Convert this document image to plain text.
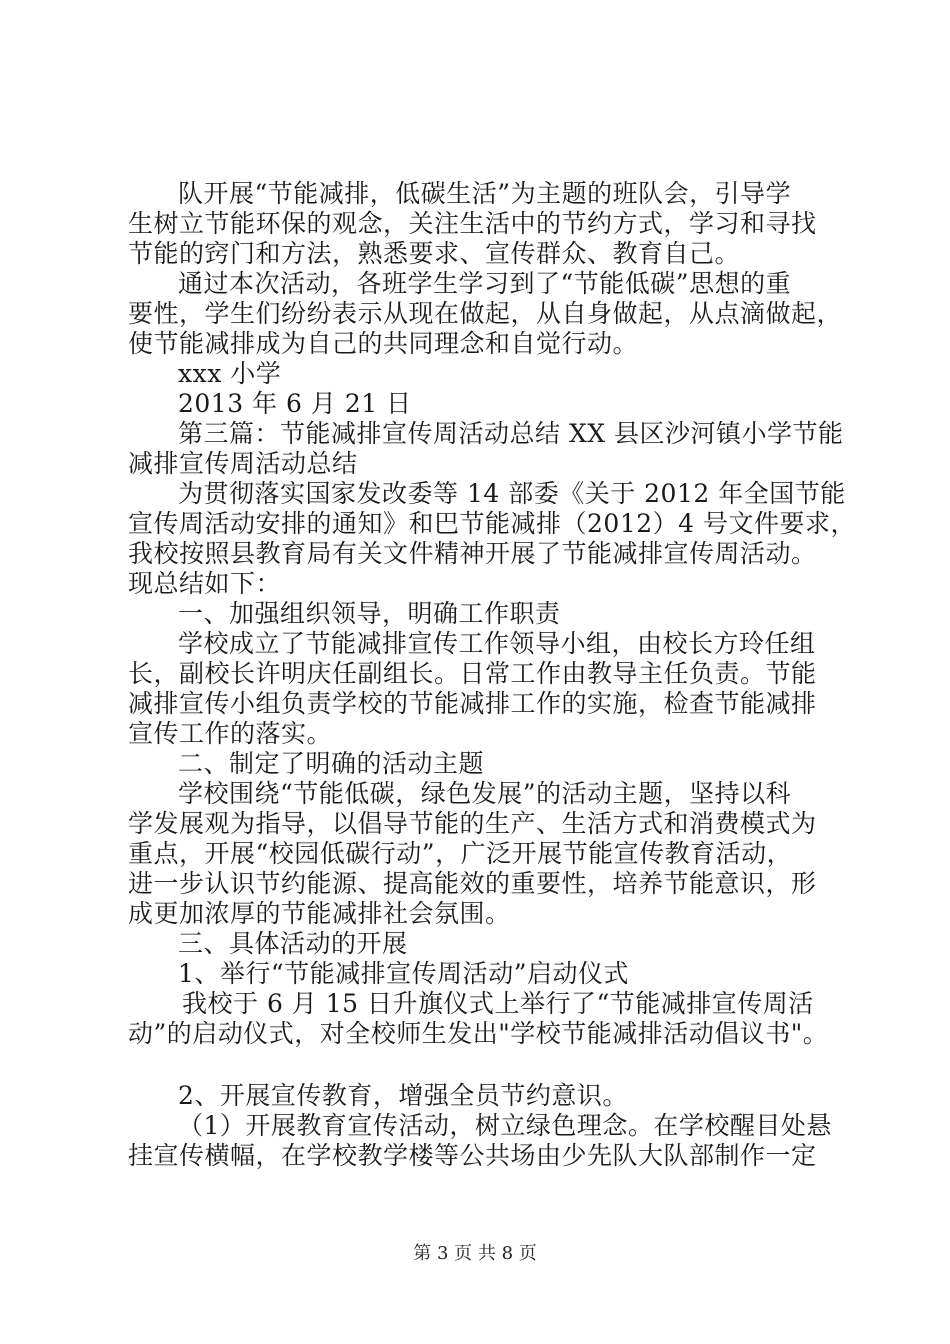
队开展“节能减排，低碳生活”为主题的班队会，引导学
生树立节能环保的观念，关注生活中的节约方式，学习和寻找
节能的窍门和方法，熟悉要求、宣传群众、教育自己。
通过本次活动，各班学生学习到了“节能低碳”思想的重
要性，学生们纷纷表示从现在做起，从自身做起，从点滴做起，
使节能减排成为自己的共同理念和自觉行动。
xxx 小学
2013 年 6 月 21 日
第三篇：节能减排宣传周活动总结 XX 县区沙河镇小学节能
减排宣传周活动总结
为贯彻落实国家发改委等 14 部委《关于 2012 年全国节能
宣传周活动安排的通知》和巴节能减排（2012）4 号文件要求，
我校按照县教育局有关文件精神开展了节能减排宣传周活动。
现总结如下：
一、加强组织领导，明确工作职责
学校成立了节能减排宣传工作领导小组，由校长方玲任组
长，副校长许明庆任副组长。日常工作由教导主任负责。节能
减排宣传小组负责学校的节能减排工作的实施，检查节能减排
宣传工作的落实。
二、制定了明确的活动主题
学校围绕“节能低碳，绿色发展”的活动主题，坚持以科
学发展观为指导，以倡导节能的生产、生活方式和消费模式为
重点，开展“校园低碳行动”，广泛开展节能宣传教育活动，
进一步认识节约能源、提高能效的重要性，培养节能意识，形
成更加浓厚的节能减排社会氛围。
三、具体活动的开展
1、举行“节能减排宣传周活动”启动仪式
我校于 6 月 15 日升旗仪式上举行了“节能减排宣传周活
动”的启动仪式，对全校师生发出"学校节能减排活动倡议书"。
2、开展宣传教育，增强全员节约意识。
（1）开展教育宣传活动，树立绿色理念。在学校醒目处悬
挂宣传横幅，在学校教学楼等公共场由少先队大队部制作一定
第 3 页 共 8 页
